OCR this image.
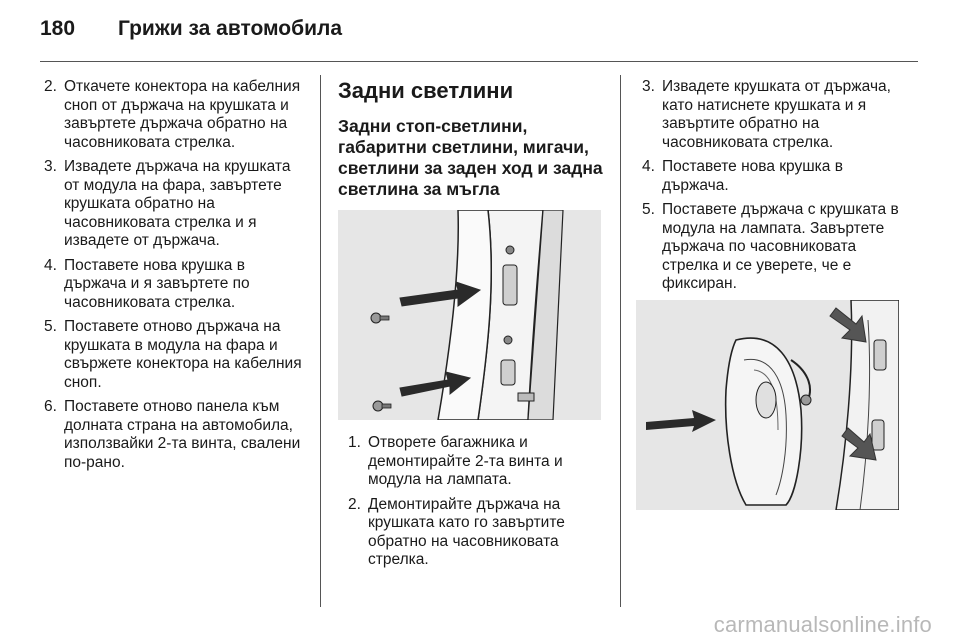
180 Грижи за автомобила
2. Откачете конектора на кабелния сноп от държача на крушката и завъртете държача обратно на часовниковата стрелка.
3. Извадете държача на крушката от модула на фара, завъртете крушката обратно на часовниковата стрелка и я извадете от държача.
4. Поставете нова крушка в държача и я завъртете по часовниковата стрелка.
5. Поставете отново държача на крушката в модула на фара и свържете конектора на кабелния сноп.
6. Поставете отново панела към долната страна на автомобила, използвайки 2-та винта, свалени по-рано.
Задни светлини
Задни стоп-светлини, габаритни светлини, мигачи, светлини за заден ход и задна светлина за мъгла
1. Отворете багажника и демонтирайте 2-та винта и модула на лампата.
2. Демонтирайте държача на крушката като го завъртите обратно на часовниковата стрелка.
3. Извадете крушката от държача, като натиснете крушката и я завъртите обратно на часовниковата стрелка.
4. Поставете нова крушка в държача.
5. Поставете държача с крушката в модула на лампата. Завъртете държача по часовниковата стрелка и се уверете, че е фиксиран.
carmanualsonline.info
